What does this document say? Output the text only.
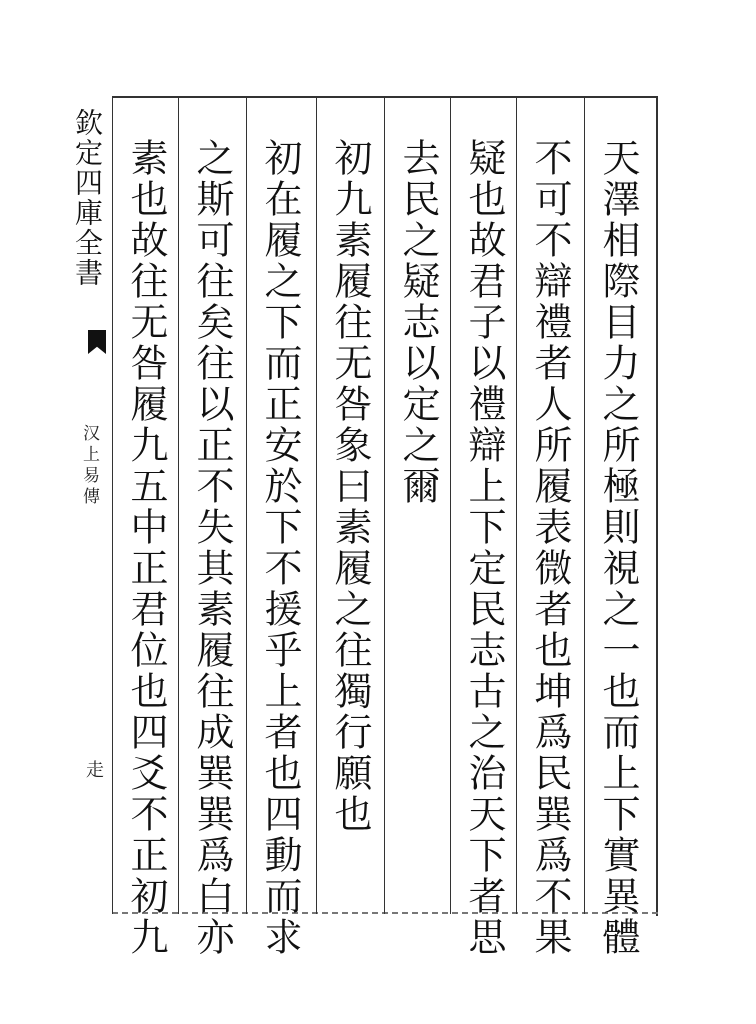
欽定四庫全書
汉上易傳
走	天澤相際目力之所極則視之一也而上下實異體
不可不辯禮者人所履表微者也坤爲民巽爲不果
疑也故君子以禮辯上下定民志古之治天下者思
去民之疑志以定之爾
初九素履往无咎象曰素履之往獨行願也
初在履之下而正安於下不援乎上者也四動而求
之斯可往矣往以正不失其素履往成巽巽爲白亦
素也故往无咎履九五中正君位也四爻不正初九
